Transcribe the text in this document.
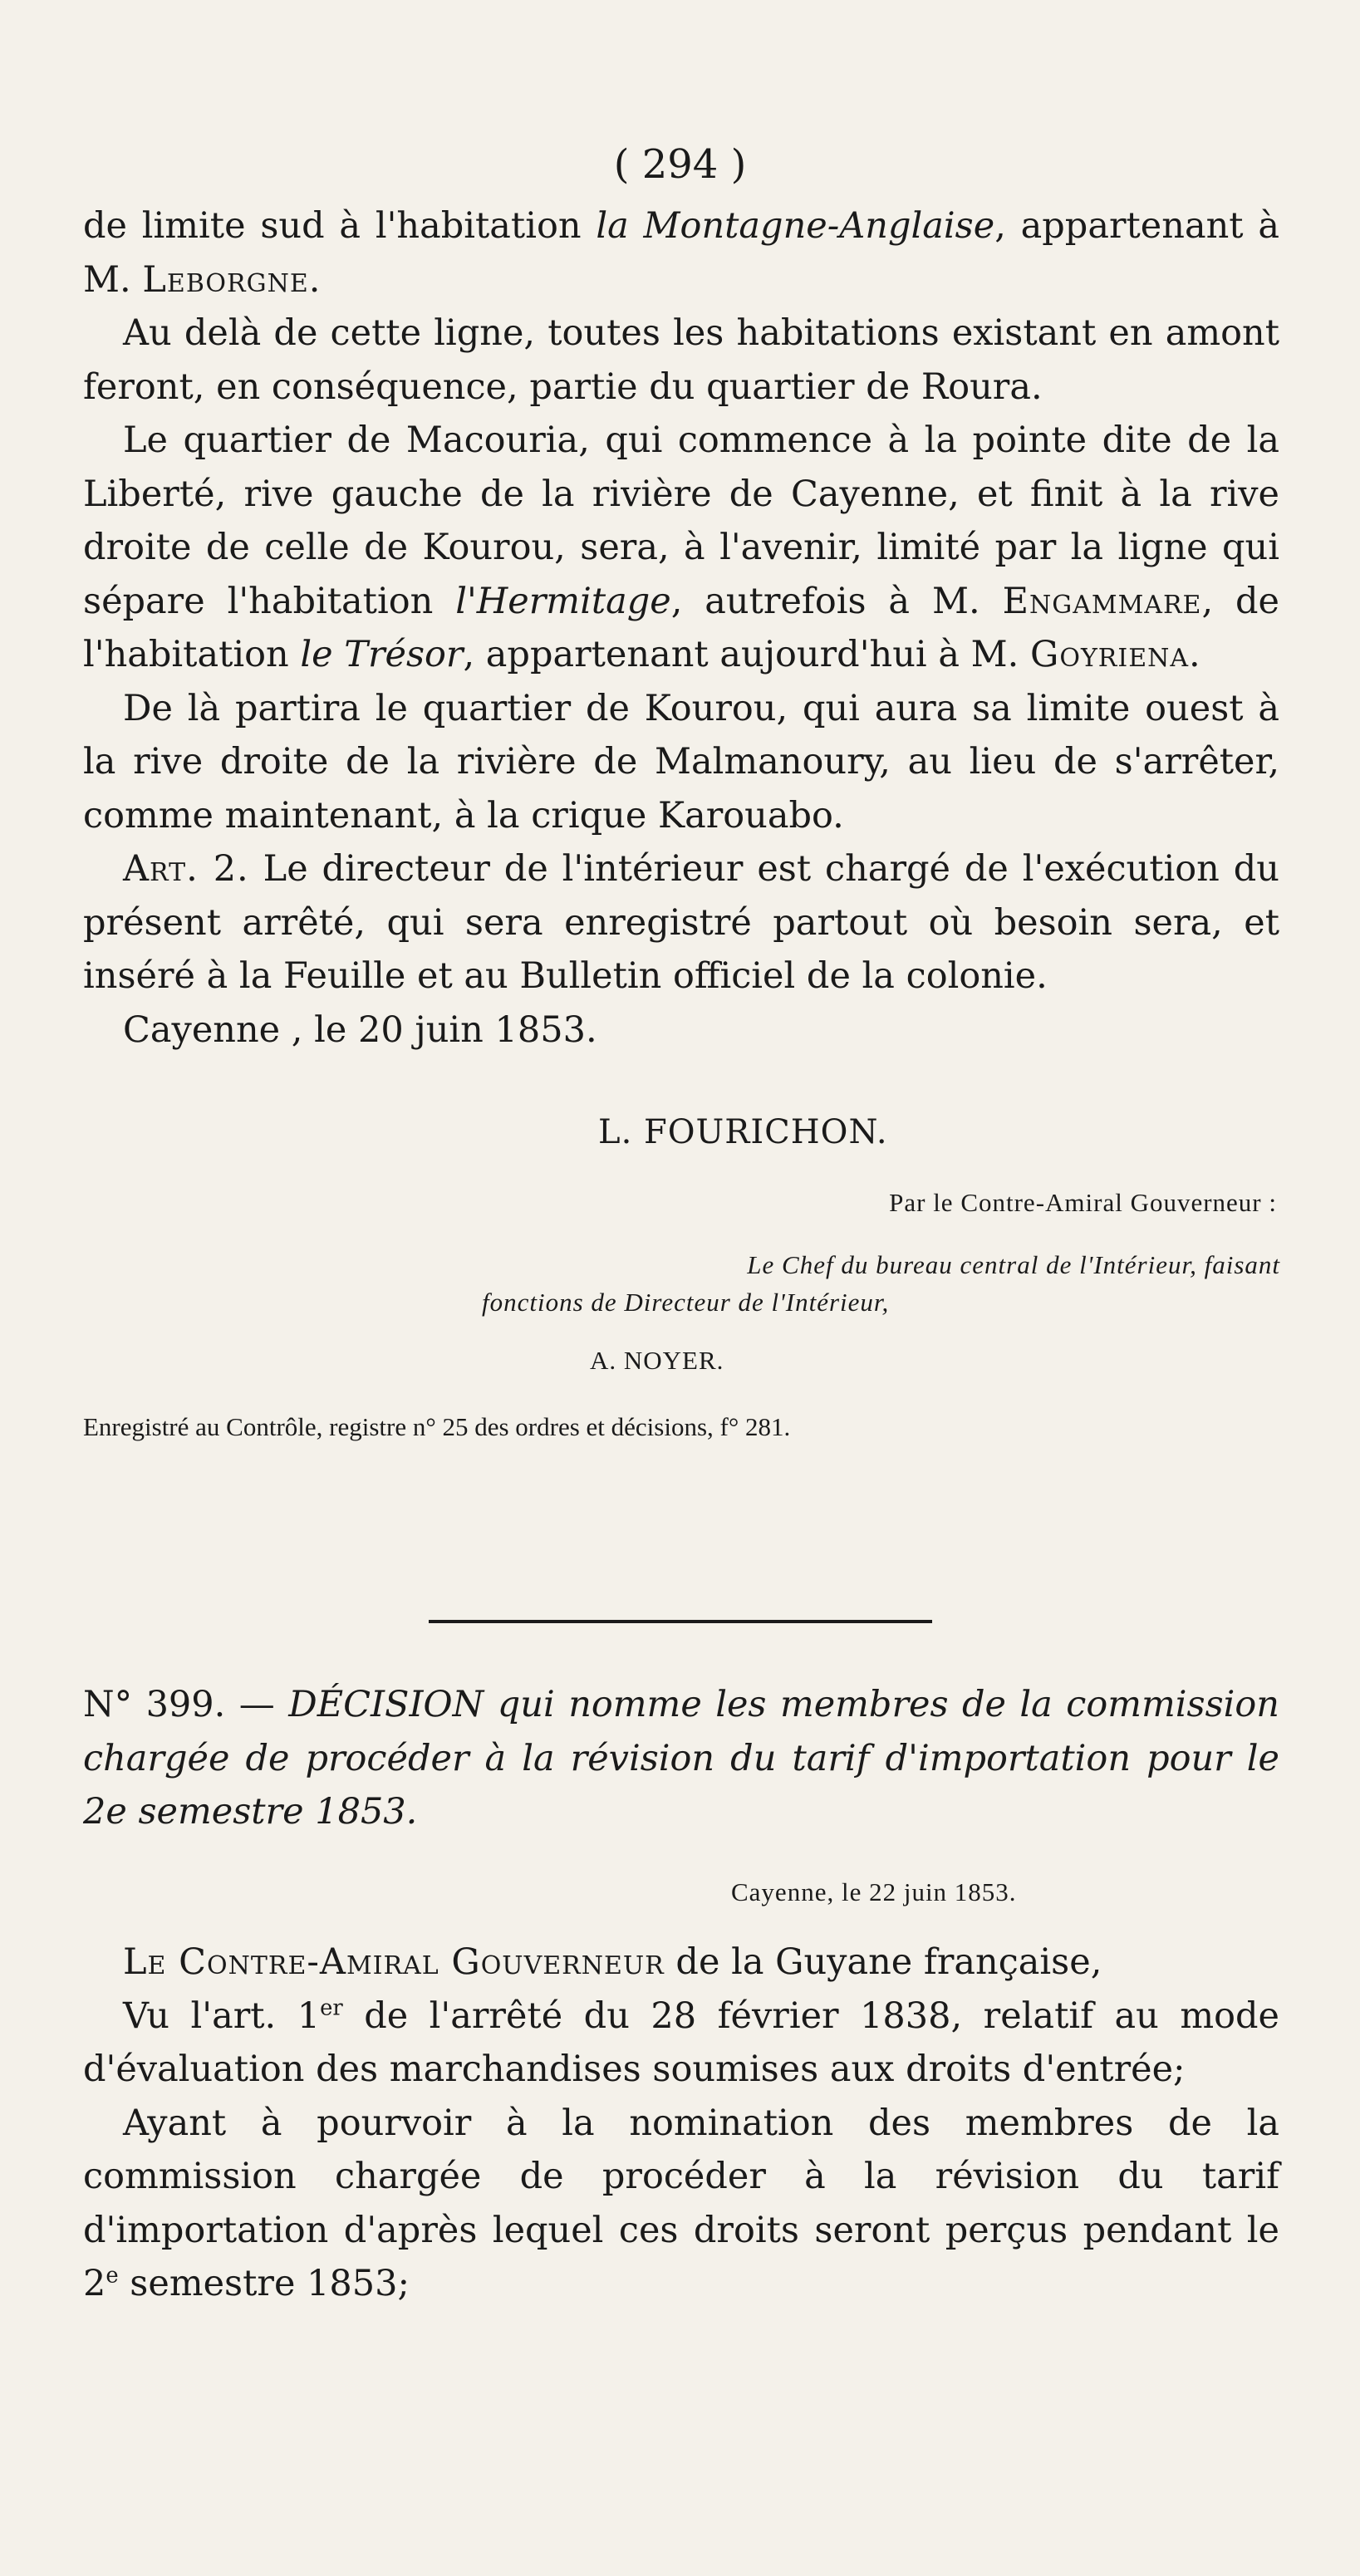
( 294 )

de limite sud à l'habitation la Montagne-Anglaise, appartenant à M. Leborgne.

Au delà de cette ligne, toutes les habitations existant en amont feront, en conséquence, partie du quartier de Roura.

Le quartier de Macouria, qui commence à la pointe dite de la Liberté, rive gauche de la rivière de Cayenne, et finit à la rive droite de celle de Kourou, sera, à l'avenir, limité par la ligne qui sépare l'habitation l'Hermitage, autrefois à M. Engammare, de l'habitation le Trésor, appartenant aujourd'hui à M. Goyriena.

De là partira le quartier de Kourou, qui aura sa limite ouest à la rive droite de la rivière de Malmanoury, au lieu de s'arrêter, comme maintenant, à la crique Karouabo.

Art. 2. Le directeur de l'intérieur est chargé de l'exécution du présent arrêté, qui sera enregistré partout où besoin sera, et inséré à la Feuille et au Bulletin officiel de la colonie.

Cayenne , le 20 juin 1853.

L. FOURICHON.
Par le Contre-Amiral Gouverneur :
Le Chef du bureau central de l'Intérieur, faisant
fonctions de Directeur de l'Intérieur,
A. NOYER.
Enregistré au Contrôle, registre n° 25 des ordres et décisions, f° 281.

N° 399. — DÉCISION qui nomme les membres de la commission chargée de procéder à la révision du tarif d'importation pour le 2e semestre 1853.

Cayenne, le 22 juin 1853.

Le Contre-Amiral Gouverneur de la Guyane française,

Vu l'art. 1er de l'arrêté du 28 février 1838, relatif au mode d'évaluation des marchandises soumises aux droits d'entrée;

Ayant à pourvoir à la nomination des membres de la commission chargée de procéder à la révision du tarif d'importation d'après lequel ces droits seront perçus pendant le 2e semestre 1853;
